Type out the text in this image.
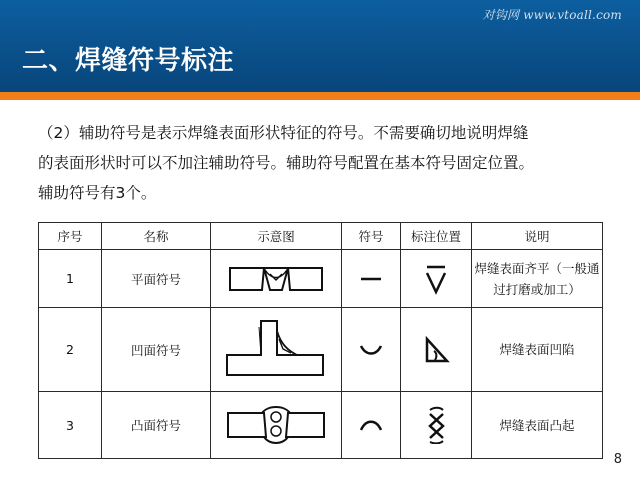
对钩网 www.vtoall.com
二、焊缝符号标注

（2）辅助符号是表示焊缝表面形状特征的符号。不需要确切地说明焊缝

的表面形状时可以不加注辅助符号。辅助符号配置在基本符号固定位置。

辅助符号有3个。

序号	名称	示意图	符号	标注位置	说明
1	平面符号				焊缝表面齐平（一般通过打磨或加工）
2	凹面符号				焊缝表面凹陷
3	凸面符号				焊缝表面凸起
8
